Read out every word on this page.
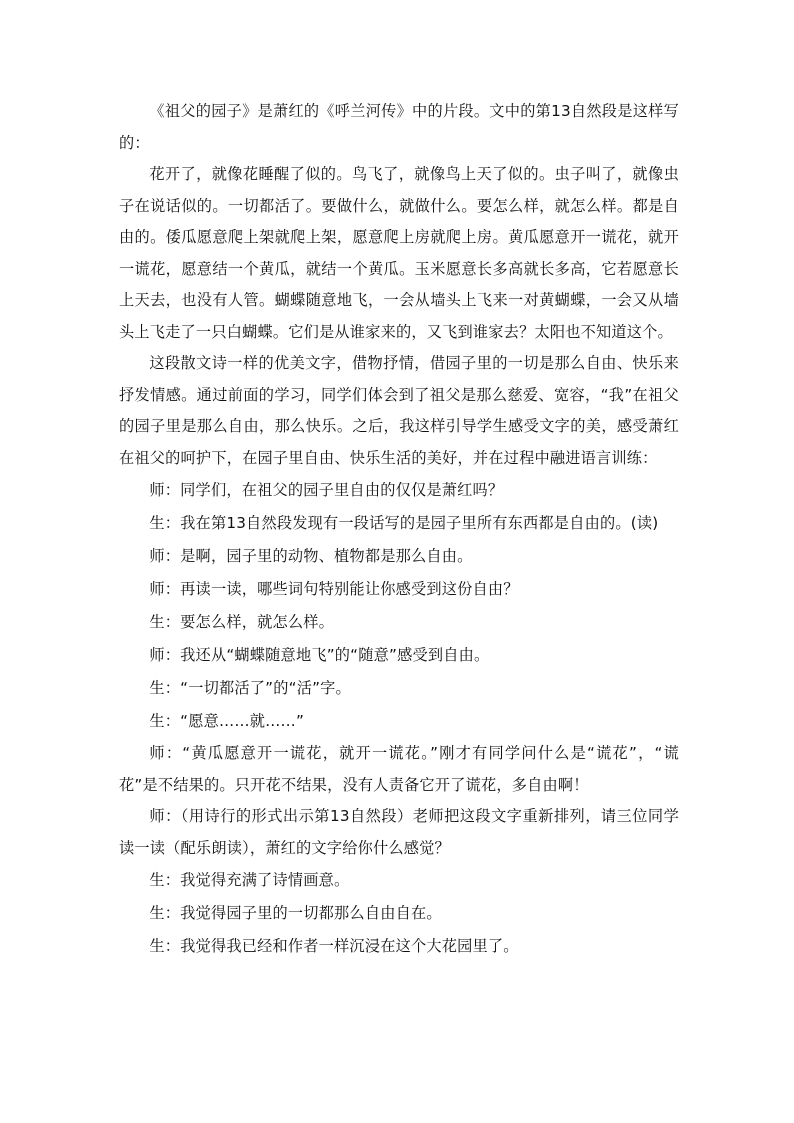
《祖父的园子》是萧红的《呼兰河传》中的片段。文中的第13自然段是这样写的：

花开了，就像花睡醒了似的。鸟飞了，就像鸟上天了似的。虫子叫了，就像虫子在说话似的。一切都活了。要做什么，就做什么。要怎么样，就怎么样。都是自由的。倭瓜愿意爬上架就爬上架，愿意爬上房就爬上房。黄瓜愿意开一谎花，就开一谎花，愿意结一个黄瓜，就结一个黄瓜。玉米愿意长多高就长多高，它若愿意长上天去，也没有人管。蝴蝶随意地飞，一会从墙头上飞来一对黄蝴蝶，一会又从墙头上飞走了一只白蝴蝶。它们是从谁家来的，又飞到谁家去？太阳也不知道这个。

这段散文诗一样的优美文字，借物抒情，借园子里的一切是那么自由、快乐来抒发情感。通过前面的学习，同学们体会到了祖父是那么慈爱、宽容，“我”在祖父的园子里是那么自由，那么快乐。之后，我这样引导学生感受文字的美，感受萧红在祖父的呵护下，在园子里自由、快乐生活的美好，并在过程中融进语言训练：

师：同学们，在祖父的园子里自由的仅仅是萧红吗？

生：我在第13自然段发现有一段话写的是园子里所有东西都是自由的。(读)

师：是啊，园子里的动物、植物都是那么自由。

师：再读一读，哪些词句特别能让你感受到这份自由？

生：要怎么样，就怎么样。

师：我还从“蝴蝶随意地飞”的“随意”感受到自由。

生：“一切都活了”的“活”字。

生：“愿意……就……”

师：“黄瓜愿意开一谎花，就开一谎花。”刚才有同学问什么是“谎花”，“谎花”是不结果的。只开花不结果，没有人责备它开了谎花，多自由啊！

师：（用诗行的形式出示第13自然段）老师把这段文字重新排列，请三位同学读一读（配乐朗读），萧红的文字给你什么感觉？

生：我觉得充满了诗情画意。

生：我觉得园子里的一切都那么自由自在。

生：我觉得我已经和作者一样沉浸在这个大花园里了。
